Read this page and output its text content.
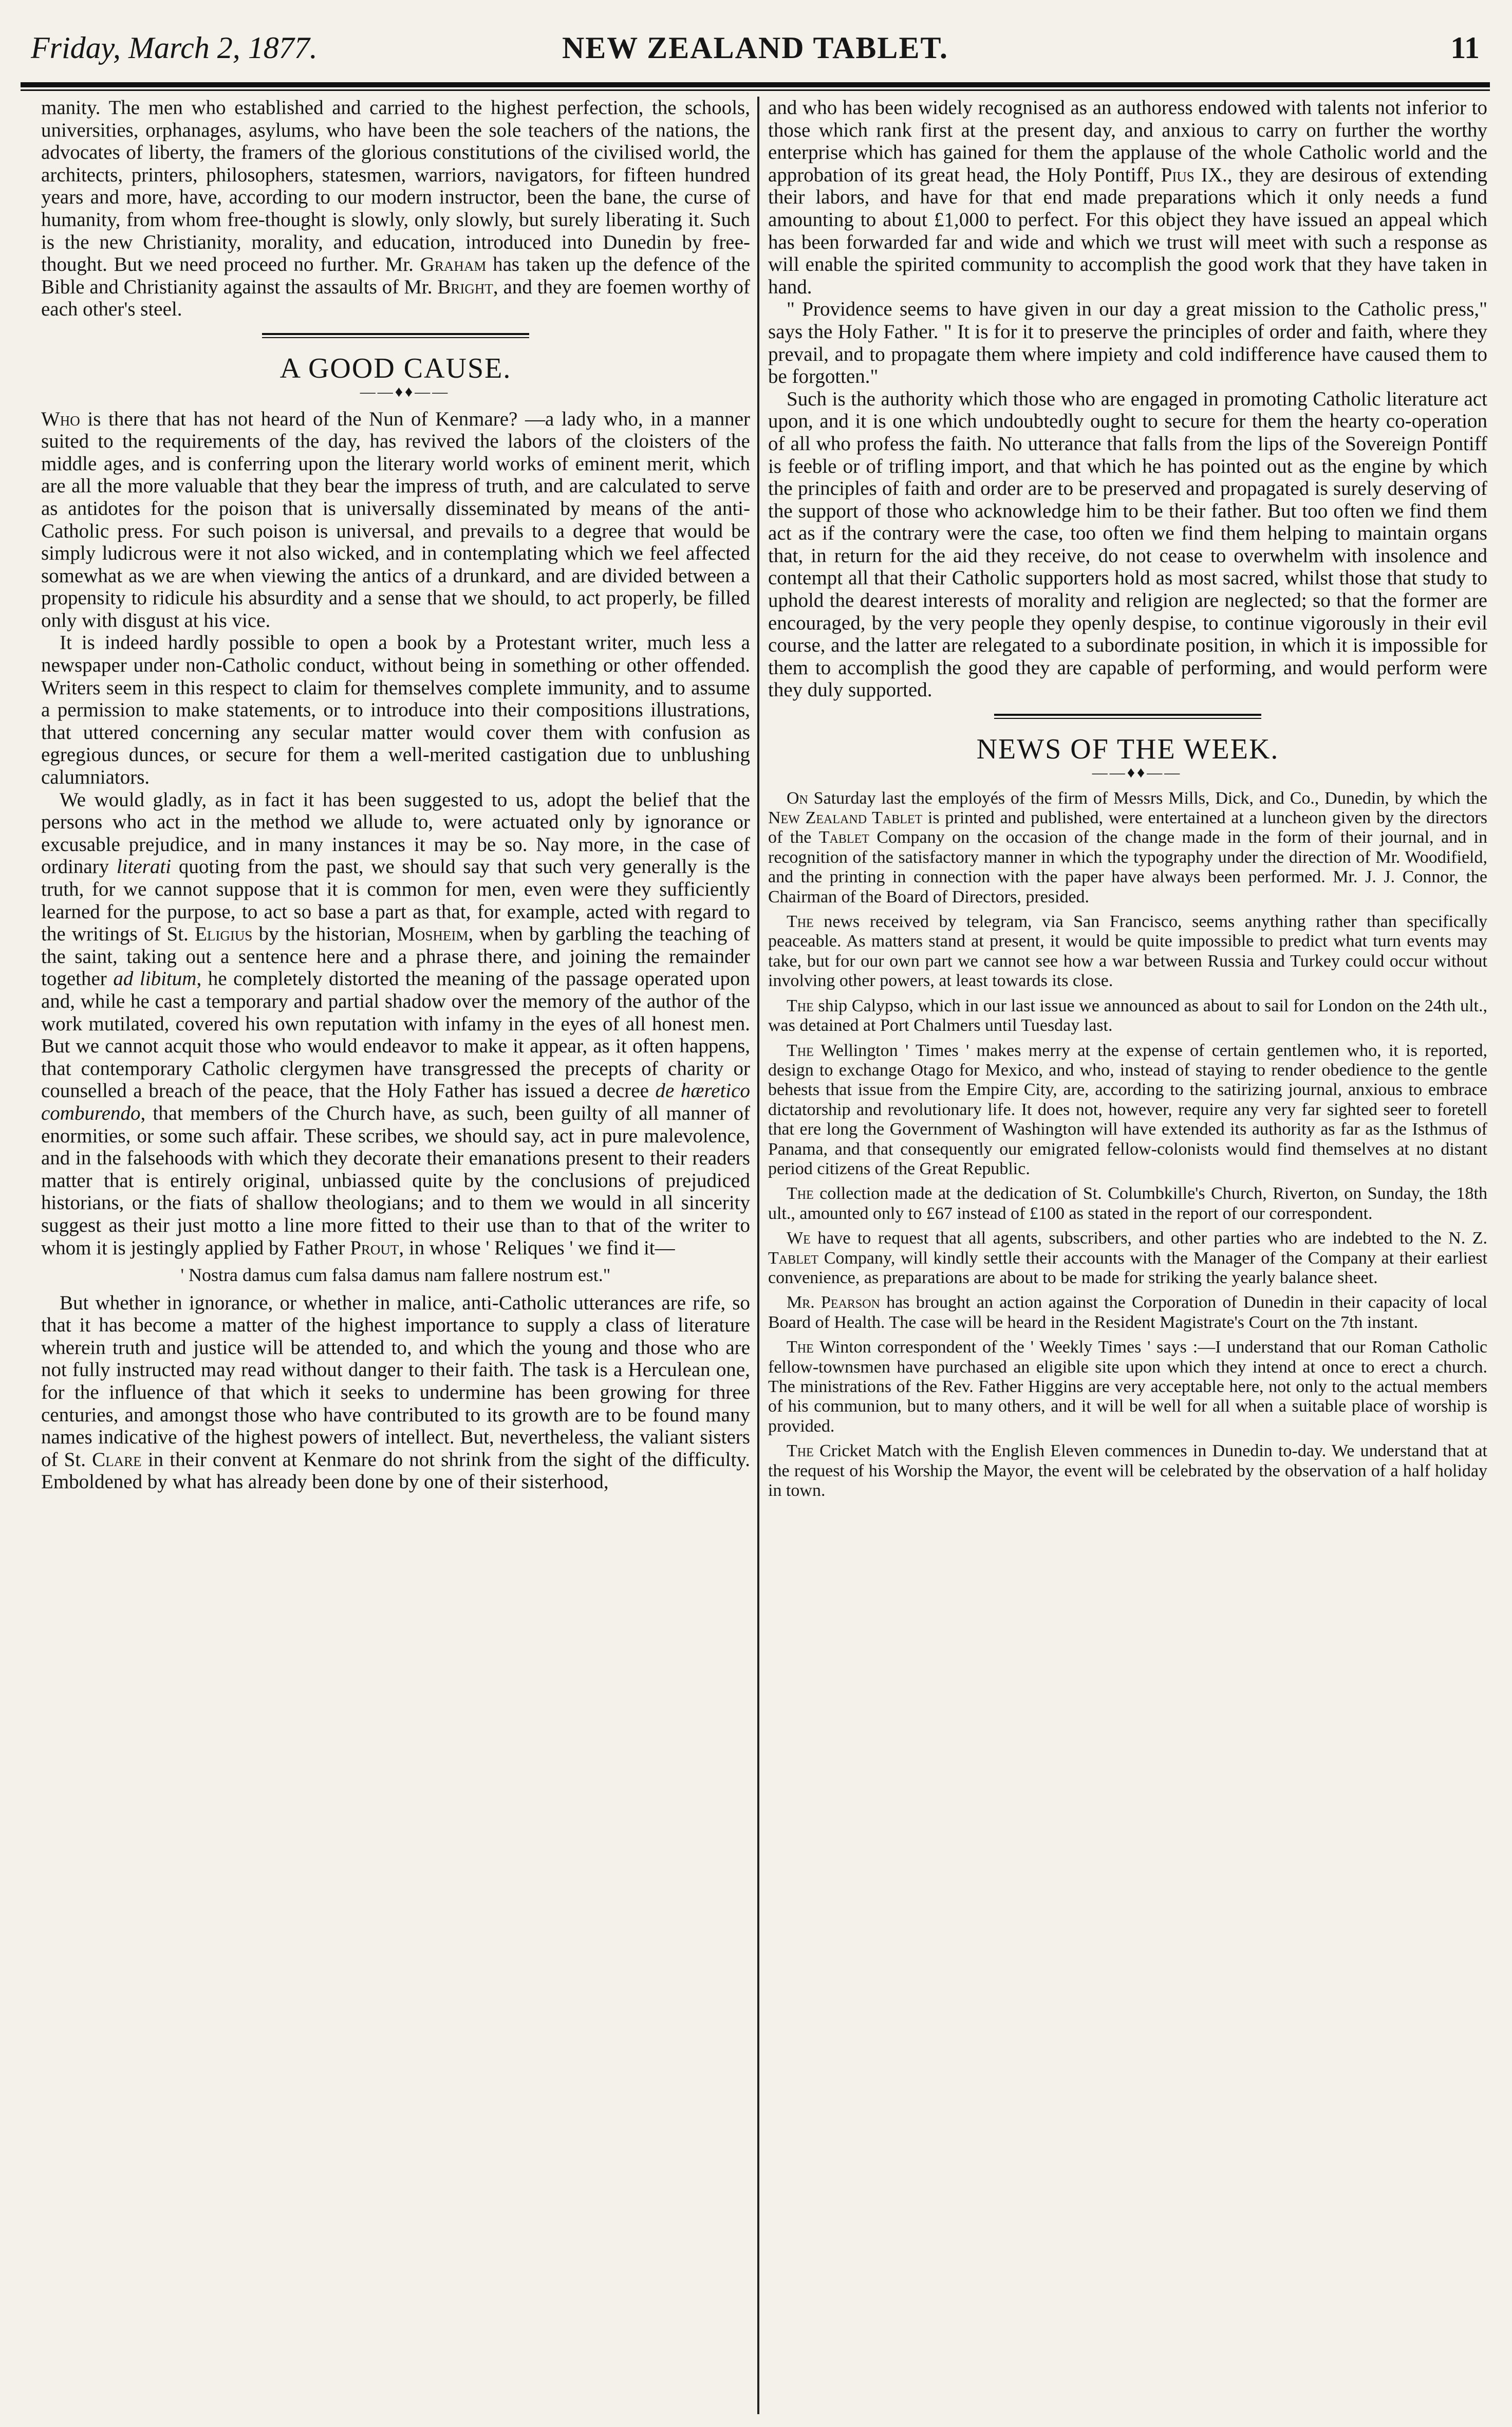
Friday, March 2, 1877.	NEW ZEALAND TABLET.	11

manity. The men who established and carried to the highest perfection, the schools, universities, orphanages, asylums, who have been the sole teachers of the nations, the advocates of liberty, the framers of the glorious constitutions of the civilised world, the architects, printers, philosophers, statesmen, warriors, navigators, for fifteen hundred years and more, have, according to our modern instructor, been the bane, the curse of humanity, from whom free-thought is slowly, only slowly, but surely liberating it. Such is the new Christianity, morality, and education, introduced into Dunedin by free-thought. But we need proceed no further. Mr. Graham has taken up the defence of the Bible and Christianity against the assaults of Mr. Bright, and they are foemen worthy of each other's steel.

A GOOD CAUSE.

——♦♦——

Who is there that has not heard of the Nun of Kenmare? —a lady who, in a manner suited to the requirements of the day, has revived the labors of the cloisters of the middle ages, and is conferring upon the literary world works of eminent merit, which are all the more valuable that they bear the impress of truth, and are calculated to serve as antidotes for the poison that is universally disseminated by means of the anti-Catholic press. For such poison is universal, and prevails to a degree that would be simply ludicrous were it not also wicked, and in contemplating which we feel affected somewhat as we are when viewing the antics of a drunkard, and are divided between a propensity to ridicule his absurdity and a sense that we should, to act properly, be filled only with disgust at his vice.

It is indeed hardly possible to open a book by a Protestant writer, much less a newspaper under non-Catholic conduct, without being in something or other offended. Writers seem in this respect to claim for themselves complete immunity, and to assume a permission to make statements, or to introduce into their compositions illustrations, that uttered concerning any secular matter would cover them with confusion as egregious dunces, or secure for them a well-merited castigation due to unblushing calumniators.

We would gladly, as in fact it has been suggested to us, adopt the belief that the persons who act in the method we allude to, were actuated only by ignorance or excusable prejudice, and in many instances it may be so. Nay more, in the case of ordinary literati quoting from the past, we should say that such very generally is the truth, for we cannot suppose that it is common for men, even were they sufficiently learned for the purpose, to act so base a part as that, for example, acted with regard to the writings of St. Eligius by the historian, Mosheim, when by garbling the teaching of the saint, taking out a sentence here and a phrase there, and joining the remainder together ad libitum, he completely distorted the meaning of the passage operated upon and, while he cast a temporary and partial shadow over the memory of the author of the work mutilated, covered his own reputation with infamy in the eyes of all honest men. But we cannot acquit those who would endeavor to make it appear, as it often happens, that contemporary Catholic clergymen have transgressed the precepts of charity or counselled a breach of the peace, that the Holy Father has issued a decree de hæretico comburendo, that members of the Church have, as such, been guilty of all manner of enormities, or some such affair. These scribes, we should say, act in pure malevolence, and in the falsehoods with which they decorate their emanations present to their readers matter that is entirely original, unbiassed quite by the conclusions of prejudiced historians, or the fiats of shallow theologians; and to them we would in all sincerity suggest as their just motto a line more fitted to their use than to that of the writer to whom it is jestingly applied by Father Prout, in whose ' Reliques ' we find it—

' Nostra damus cum falsa damus nam fallere nostrum est."

But whether in ignorance, or whether in malice, anti-Catholic utterances are rife, so that it has become a matter of the highest importance to supply a class of literature wherein truth and justice will be attended to, and which the young and those who are not fully instructed may read without danger to their faith. The task is a Herculean one, for the influence of that which it seeks to undermine has been growing for three centuries, and amongst those who have contributed to its growth are to be found many names indicative of the highest powers of intellect. But, nevertheless, the valiant sisters of St. Clare in their convent at Kenmare do not shrink from the sight of the difficulty. Emboldened by what has already been done by one of their sisterhood,

and who has been widely recognised as an authoress endowed with talents not inferior to those which rank first at the present day, and anxious to carry on further the worthy enterprise which has gained for them the applause of the whole Catholic world and the approbation of its great head, the Holy Pontiff, Pius IX., they are desirous of extending their labors, and have for that end made preparations which it only needs a fund amounting to about £1,000 to perfect. For this object they have issued an appeal which has been forwarded far and wide and which we trust will meet with such a response as will enable the spirited community to accomplish the good work that they have taken in hand.

" Providence seems to have given in our day a great mission to the Catholic press," says the Holy Father. " It is for it to preserve the principles of order and faith, where they prevail, and to propagate them where impiety and cold indifference have caused them to be forgotten."

Such is the authority which those who are engaged in promoting Catholic literature act upon, and it is one which undoubtedly ought to secure for them the hearty co-operation of all who profess the faith. No utterance that falls from the lips of the Sovereign Pontiff is feeble or of trifling import, and that which he has pointed out as the engine by which the principles of faith and order are to be preserved and propagated is surely deserving of the support of those who acknowledge him to be their father. But too often we find them act as if the contrary were the case, too often we find them helping to maintain organs that, in return for the aid they receive, do not cease to overwhelm with insolence and contempt all that their Catholic supporters hold as most sacred, whilst those that study to uphold the dearest interests of morality and religion are neglected; so that the former are encouraged, by the very people they openly despise, to continue vigorously in their evil course, and the latter are relegated to a subordinate position, in which it is impossible for them to accomplish the good they are capable of performing, and would perform were they duly supported.

NEWS OF THE WEEK.

——♦♦——

On Saturday last the employés of the firm of Messrs Mills, Dick, and Co., Dunedin, by which the New Zealand Tablet is printed and published, were entertained at a luncheon given by the directors of the Tablet Company on the occasion of the change made in the form of their journal, and in recognition of the satisfactory manner in which the typography under the direction of Mr. Woodifield, and the printing in connection with the paper have always been performed. Mr. J. J. Connor, the Chairman of the Board of Directors, presided.

The news received by telegram, via San Francisco, seems anything rather than specifically peaceable. As matters stand at present, it would be quite impossible to predict what turn events may take, but for our own part we cannot see how a war between Russia and Turkey could occur without involving other powers, at least towards its close.

The ship Calypso, which in our last issue we announced as about to sail for London on the 24th ult., was detained at Port Chalmers until Tuesday last.

The Wellington ' Times ' makes merry at the expense of certain gentlemen who, it is reported, design to exchange Otago for Mexico, and who, instead of staying to render obedience to the gentle behests that issue from the Empire City, are, according to the satirizing journal, anxious to embrace dictatorship and revolutionary life. It does not, however, require any very far sighted seer to foretell that ere long the Government of Washington will have extended its authority as far as the Isthmus of Panama, and that consequently our emigrated fellow-colonists would find themselves at no distant period citizens of the Great Republic.

The collection made at the dedication of St. Columbkille's Church, Riverton, on Sunday, the 18th ult., amounted only to £67 instead of £100 as stated in the report of our correspondent.

We have to request that all agents, subscribers, and other parties who are indebted to the N. Z. Tablet Company, will kindly settle their accounts with the Manager of the Company at their earliest convenience, as preparations are about to be made for striking the yearly balance sheet.

Mr. Pearson has brought an action against the Corporation of Dunedin in their capacity of local Board of Health. The case will be heard in the Resident Magistrate's Court on the 7th instant.

The Winton correspondent of the ' Weekly Times ' says :—I understand that our Roman Catholic fellow-townsmen have purchased an eligible site upon which they intend at once to erect a church. The ministrations of the Rev. Father Higgins are very acceptable here, not only to the actual members of his communion, but to many others, and it will be well for all when a suitable place of worship is provided.

The Cricket Match with the English Eleven commences in Dunedin to-day. We understand that at the request of his Worship the Mayor, the event will be celebrated by the observation of a half holiday in town.
